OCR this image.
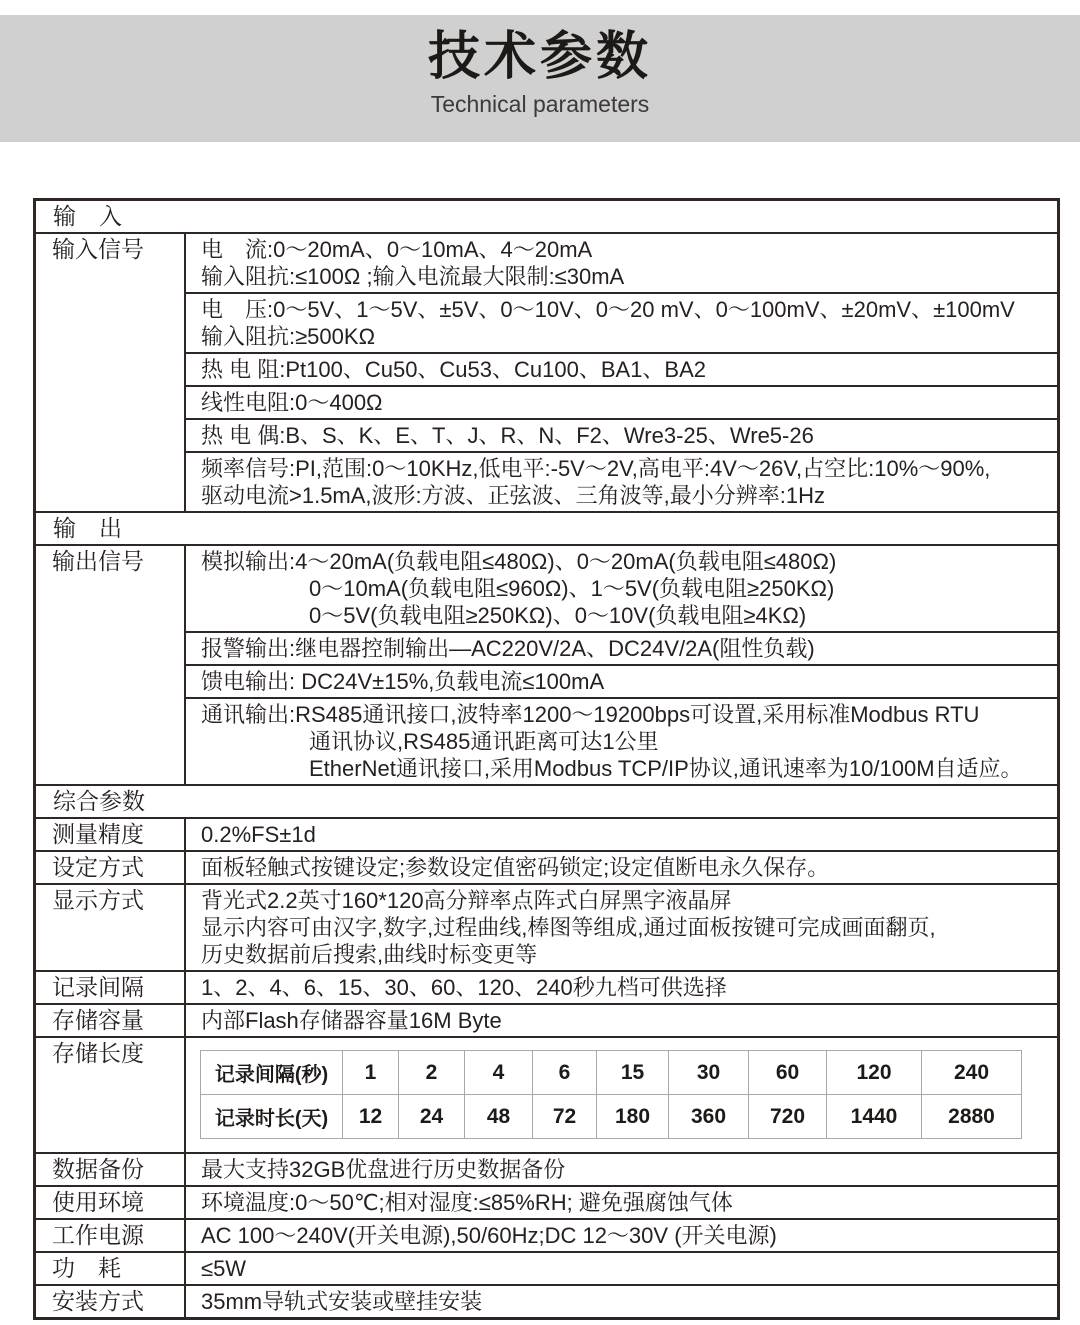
技术参数
Technical parameters
输　入
输入信号	电　流:0～20mA、0～10mA、4～20mA
输入阻抗:≤100Ω ;输入电流最大限制:≤30mA
电　压:0～5V、1～5V、±5V、0～10V、0～20 mV、0～100mV、±20mV、±100mV
输入阻抗:≥500KΩ
热 电 阻:Pt100、Cu50、Cu53、Cu100、BA1、BA2
线性电阻:0～400Ω
热 电 偶:B、S、K、E、T、J、R、N、F2、Wre3-25、Wre5-26
频率信号:PI,范围:0～10KHz,低电平:-5V～2V,高电平:4V～26V,占空比:10%～90%,
驱动电流>1.5mA,波形:方波、正弦波、三角波等,最小分辨率:1Hz
输　出
输出信号	模拟输出:4～20mA(负载电阻≤480Ω)、0～20mA(负载电阻≤480Ω)
0～10mA(负载电阻≤960Ω)、1～5V(负载电阻≥250KΩ)
0～5V(负载电阻≥250KΩ)、0～10V(负载电阻≥4KΩ)
报警输出:继电器控制输出—AC220V/2A、DC24V/2A(阻性负载)
馈电输出: DC24V±15%,负载电流≤100mA
通讯输出:RS485通讯接口,波特率1200～19200bps可设置,采用标准Modbus RTU
通讯协议,RS485通讯距离可达1公里
EtherNet通讯接口,采用Modbus TCP/IP协议,通讯速率为10/100M自适应。
综合参数
测量精度	0.2%FS±1d
设定方式	面板轻触式按键设定;参数设定值密码锁定;设定值断电永久保存。
显示方式	背光式2.2英寸160*120高分辩率点阵式白屏黑字液晶屏
显示内容可由汉字,数字,过程曲线,棒图等组成,通过面板按键可完成画面翻页,
历史数据前后搜索,曲线时标变更等
记录间隔	1、2、4、6、15、30、60、120、240秒九档可供选择
存储容量	内部Flash存储器容量16M Byte
存储长度
记录间隔(秒)	1	2	4	6	15	30	60	120	240
记录时长(天)	12	24	48	72	180	360	720	1440	2880
数据备份	最大支持32GB优盘进行历史数据备份
使用环境	环境温度:0～50℃;相对湿度:≤85%RH; 避免强腐蚀气体
工作电源	AC 100～240V(开关电源),50/60Hz;DC 12～30V (开关电源)
功　耗	≤5W
安装方式	35mm导轨式安装或壁挂安装
